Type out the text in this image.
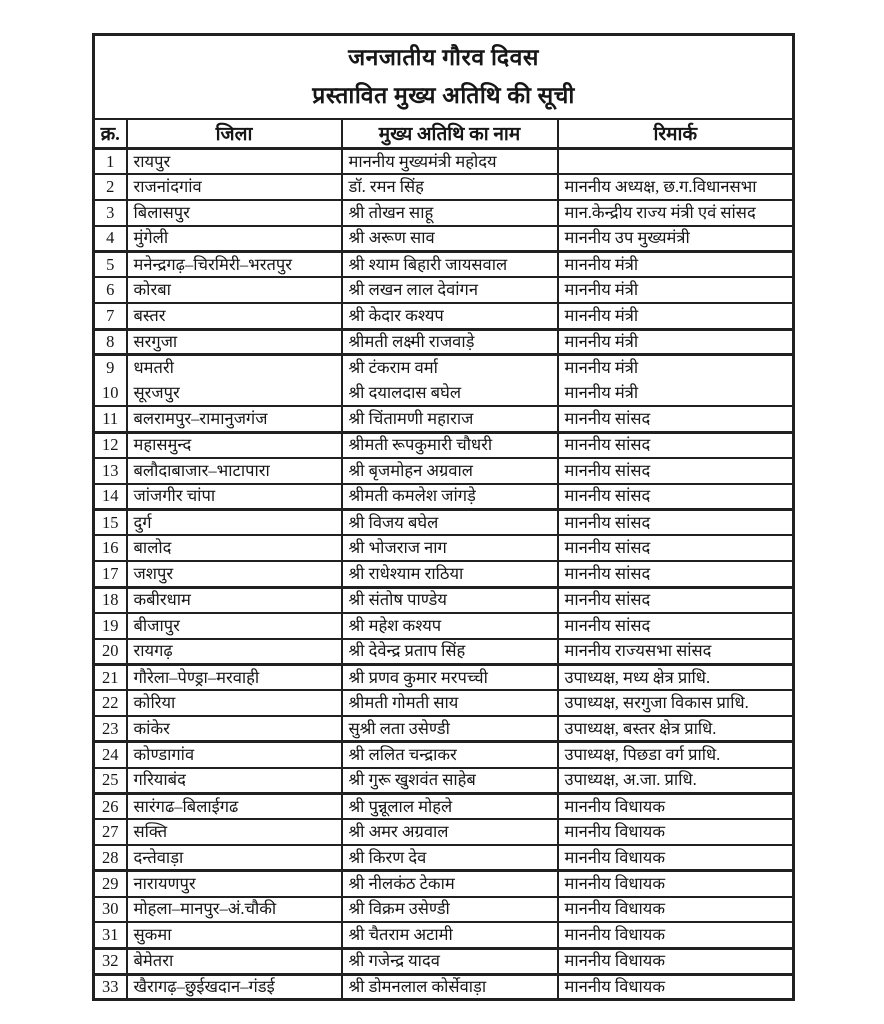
जनजातीय गौरव दिवस
प्रस्तावित मुख्य अतिथि की सूची			

क्र.	जिला	मुख्य अतिथि का नाम	रिमार्क
1	रायपुर	माननीय मुख्यमंत्री महोदय	
2	राजनांदगांव	डॉ. रमन सिंह	माननीय अध्यक्ष, छ.ग.विधानसभा
3	बिलासपुर	श्री तोखन साहू	मान.केन्द्रीय राज्य मंत्री एवं सांसद
4	मुंगेली	श्री अरूण साव	माननीय उप मुख्यमंत्री
5	मनेन्द्रगढ़–चिरमिरी–भरतपुर	श्री श्याम बिहारी जायसवाल	माननीय मंत्री
6	कोरबा	श्री लखन लाल देवांगन	माननीय मंत्री
7	बस्तर	श्री केदार कश्यप	माननीय मंत्री
8	सरगुजा	श्रीमती लक्ष्मी राजवाड़े	माननीय मंत्री
9	धमतरी	श्री टंकराम वर्मा	माननीय मंत्री
10	सूरजपुर	श्री दयालदास बघेल	माननीय मंत्री
11	बलरामपुर–रामानुजगंज	श्री चिंतामणी महाराज	माननीय सांसद
12	महासमुन्द	श्रीमती रूपकुमारी चौधरी	माननीय सांसद
13	बलौदाबाजार–भाटापारा	श्री बृजमोहन अग्रवाल	माननीय सांसद
14	जांजगीर चांपा	श्रीमती कमलेश जांगड़े	माननीय सांसद
15	दुर्ग	श्री विजय बघेल	माननीय सांसद
16	बालोद	श्री भोजराज नाग	माननीय सांसद
17	जशपुर	श्री राधेश्याम राठिया	माननीय सांसद
18	कबीरधाम	श्री संतोष पाण्डेय	माननीय सांसद
19	बीजापुर	श्री महेश कश्यप	माननीय सांसद
20	रायगढ़	श्री देवेन्द्र प्रताप सिंह	माननीय राज्यसभा सांसद
21	गौरेला–पेण्ड्रा–मरवाही	श्री प्रणव कुमार मरपच्ची	उपाध्यक्ष, मध्य क्षेत्र प्राधि.
22	कोरिया	श्रीमती गोमती साय	उपाध्यक्ष, सरगुजा विकास प्राधि.
23	कांकेर	सुश्री लता उसेण्डी	उपाध्यक्ष, बस्तर क्षेत्र प्राधि.
24	कोण्डागांव	श्री ललित चन्द्राकर	उपाध्यक्ष, पिछडा वर्ग प्राधि.
25	गरियाबंद	श्री गुरू खुशवंत साहेब	उपाध्यक्ष, अ.जा. प्राधि.
26	सारंगढ–बिलाईगढ	श्री पुन्नूलाल मोहले	माननीय विधायक
27	सक्ति	श्री अमर अग्रवाल	माननीय विधायक
28	दन्तेवाड़ा	श्री किरण देव	माननीय विधायक
29	नारायणपुर	श्री नीलकंठ टेकाम	माननीय विधायक
30	मोहला–मानपुर–अं.चौकी	श्री विक्रम उसेण्डी	माननीय विधायक
31	सुकमा	श्री चैतराम अटामी	माननीय विधायक
32	बेमेतरा	श्री गजेन्द्र यादव	माननीय विधायक
33	खैरागढ़–छुईखदान–गंडई	श्री डोमनलाल कोर्सेवाड़ा	माननीय विधायक
